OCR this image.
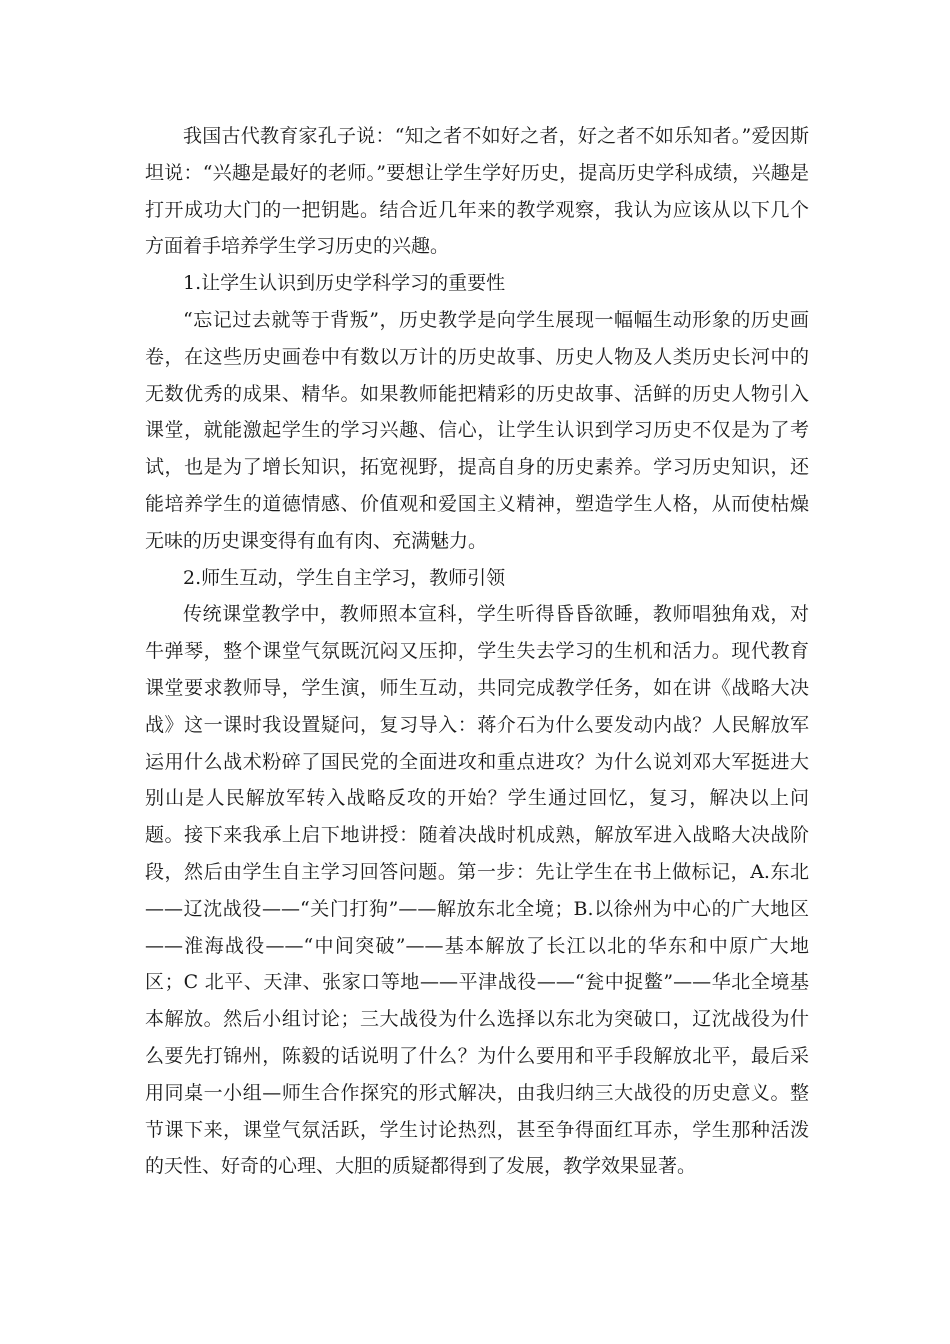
我国古代教育家孔子说：“知之者不如好之者，好之者不如乐知者。”爱因斯坦说：“兴趣是最好的老师。”要想让学生学好历史，提高历史学科成绩，兴趣是打开成功大门的一把钥匙。结合近几年来的教学观察，我认为应该从以下几个方面着手培养学生学习历史的兴趣。

1.让学生认识到历史学科学习的重要性

“忘记过去就等于背叛”，历史教学是向学生展现一幅幅生动形象的历史画卷，在这些历史画卷中有数以万计的历史故事、历史人物及人类历史长河中的无数优秀的成果、精华。如果教师能把精彩的历史故事、活鲜的历史人物引入课堂，就能激起学生的学习兴趣、信心，让学生认识到学习历史不仅是为了考试，也是为了增长知识，拓宽视野，提高自身的历史素养。学习历史知识，还能培养学生的道德情感、价值观和爱国主义精神，塑造学生人格，从而使枯燥无味的历史课变得有血有肉、充满魅力。

2.师生互动，学生自主学习，教师引领

传统课堂教学中，教师照本宣科，学生听得昏昏欲睡，教师唱独角戏，对牛弹琴，整个课堂气氛既沉闷又压抑，学生失去学习的生机和活力。现代教育课堂要求教师导，学生演，师生互动，共同完成教学任务，如在讲《战略大决战》这一课时我设置疑问，复习导入：蒋介石为什么要发动内战？人民解放军运用什么战术粉碎了国民党的全面进攻和重点进攻？为什么说刘邓大军挺进大别山是人民解放军转入战略反攻的开始？学生通过回忆，复习，解决以上问题。接下来我承上启下地讲授：随着决战时机成熟，解放军进入战略大决战阶段，然后由学生自主学习回答问题。第一步：先让学生在书上做标记，A.东北——辽沈战役——“关门打狗”——解放东北全境；B.以徐州为中心的广大地区——淮海战役——“中间突破”——基本解放了长江以北的华东和中原广大地区；C 北平、天津、张家口等地——平津战役——“瓮中捉鳖”——华北全境基本解放。然后小组讨论；三大战役为什么选择以东北为突破口，辽沈战役为什么要先打锦州，陈毅的话说明了什么？为什么要用和平手段解放北平，最后采用同桌一小组—师生合作探究的形式解决，由我归纳三大战役的历史意义。整节课下来，课堂气氛活跃，学生讨论热烈，甚至争得面红耳赤，学生那种活泼的天性、好奇的心理、大胆的质疑都得到了发展，教学效果显著。
